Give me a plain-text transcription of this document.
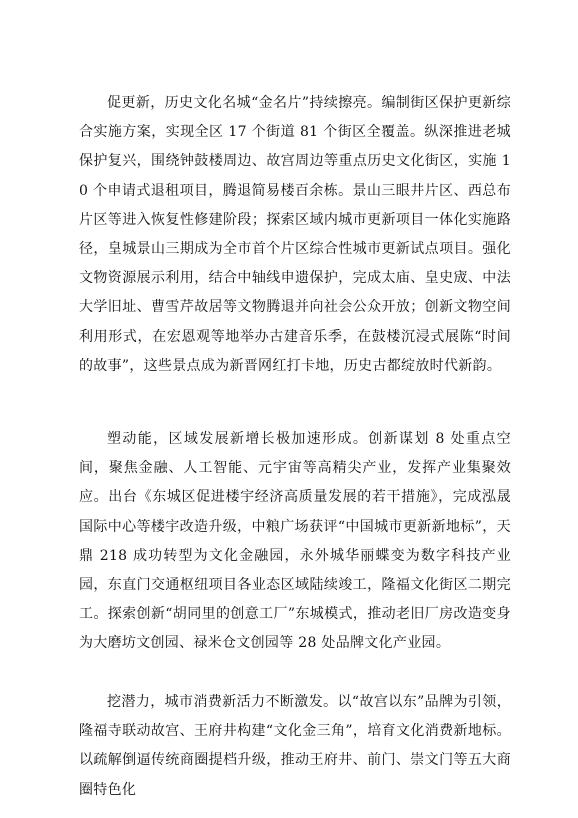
促更新，历史文化名城“金名片”持续擦亮。编制街区保护更新综合实施方案，实现全区 17 个街道 81 个街区全覆盖。纵深推进老城保护复兴，围绕钟鼓楼周边、故宫周边等重点历史文化街区，实施 10 个申请式退租项目，腾退简易楼百余栋。景山三眼井片区、西总布片区等进入恢复性修建阶段；探索区域内城市更新项目一体化实施路径，皇城景山三期成为全市首个片区综合性城市更新试点项目。强化文物资源展示利用，结合中轴线申遗保护，完成太庙、皇史宬、中法大学旧址、曹雪芹故居等文物腾退并向社会公众开放；创新文物空间利用形式，在宏恩观等地举办古建音乐季，在鼓楼沉浸式展陈“时间的故事”，这些景点成为新晋网红打卡地，历史古都绽放时代新韵。

塑动能，区域发展新增长极加速形成。创新谋划 8 处重点空间，聚焦金融、人工智能、元宇宙等高精尖产业，发挥产业集聚效应。出台《东城区促进楼宇经济高质量发展的若干措施》，完成泓晟国际中心等楼宇改造升级，中粮广场获评“中国城市更新新地标”，天鼎 218 成功转型为文化金融园，永外城华丽蝶变为数字科技产业园，东直门交通枢纽项目各业态区域陆续竣工，隆福文化街区二期完工。探索创新“胡同里的创意工厂”东城模式，推动老旧厂房改造变身为大磨坊文创园、禄米仓文创园等 28 处品牌文化产业园。

挖潜力，城市消费新活力不断激发。以“故宫以东”品牌为引领，隆福寺联动故宫、王府井构建“文化金三角”，培育文化消费新地标。以疏解倒逼传统商圈提档升级，推动王府井、前门、崇文门等五大商圈特色化
